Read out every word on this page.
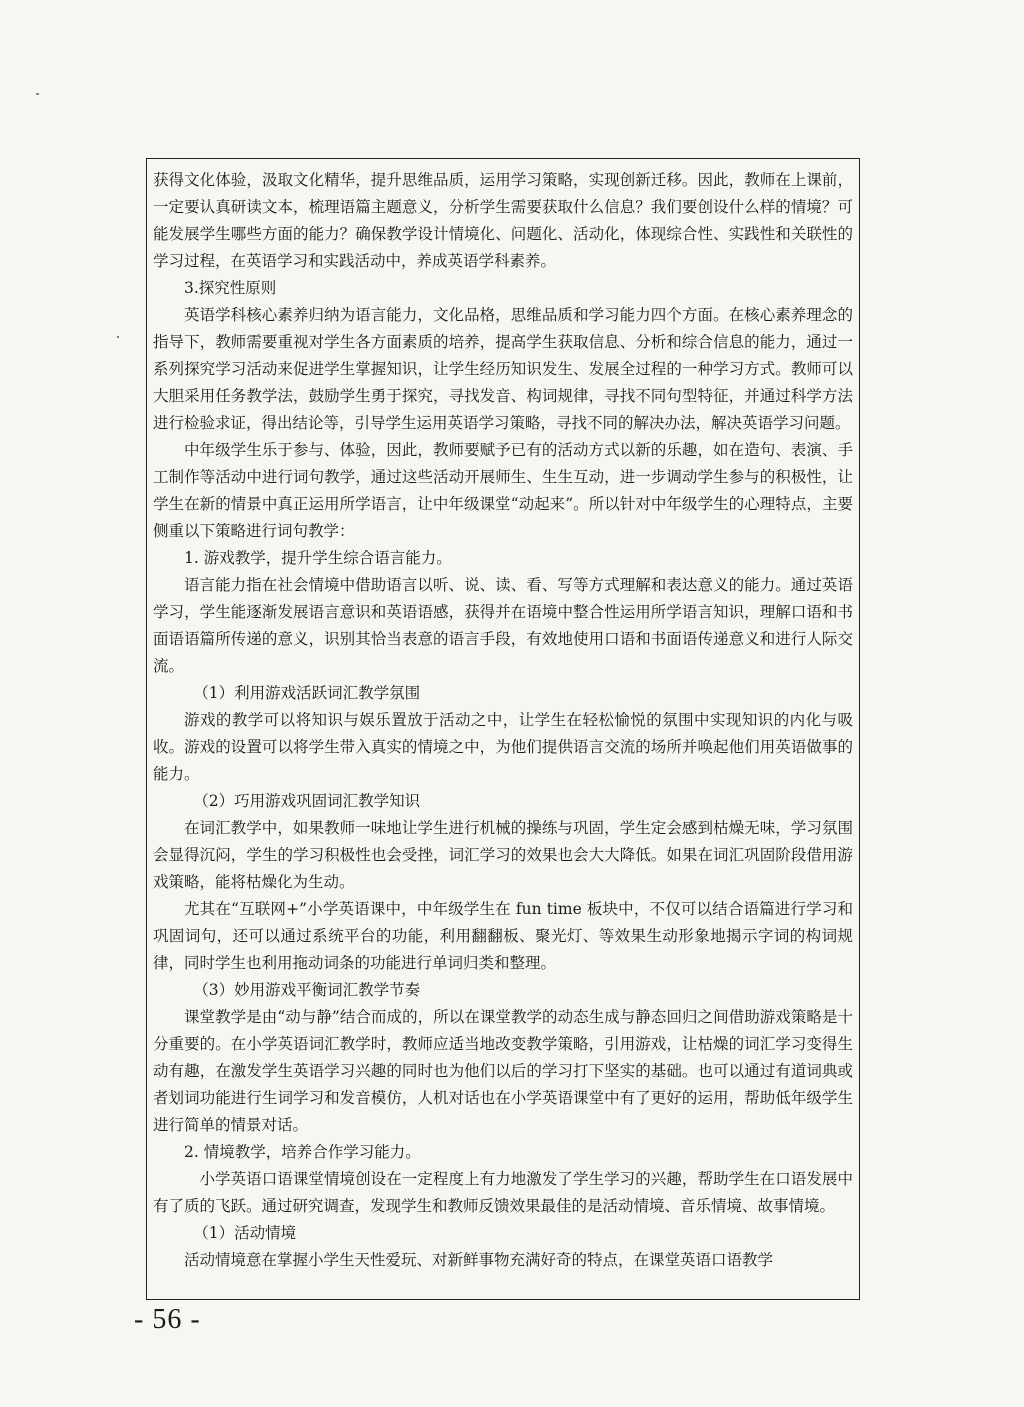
获得文化体验，汲取文化精华，提升思维品质，运用学习策略，实现创新迁移。因此，教师在上课前，一定要认真研读文本，梳理语篇主题意义，分析学生需要获取什么信息？我们要创设什么样的情境？可能发展学生哪些方面的能力？确保教学设计情境化、问题化、活动化，体现综合性、实践性和关联性的学习过程，在英语学习和实践活动中，养成英语学科素养。

3.探究性原则

英语学科核心素养归纳为语言能力，文化品格，思维品质和学习能力四个方面。在核心素养理念的指导下，教师需要重视对学生各方面素质的培养，提高学生获取信息、分析和综合信息的能力，通过一系列探究学习活动来促进学生掌握知识，让学生经历知识发生、发展全过程的一种学习方式。教师可以大胆采用任务教学法，鼓励学生勇于探究，寻找发音、构词规律，寻找不同句型特征，并通过科学方法进行检验求证，得出结论等，引导学生运用英语学习策略，寻找不同的解决办法，解决英语学习问题。

中年级学生乐于参与、体验，因此，教师要赋予已有的活动方式以新的乐趣，如在造句、表演、手工制作等活动中进行词句教学，通过这些活动开展师生、生生互动，进一步调动学生参与的积极性，让学生在新的情景中真正运用所学语言，让中年级课堂“动起来”。所以针对中年级学生的心理特点，主要侧重以下策略进行词句教学：

1. 游戏教学，提升学生综合语言能力。

语言能力指在社会情境中借助语言以听、说、读、看、写等方式理解和表达意义的能力。通过英语学习，学生能逐渐发展语言意识和英语语感，获得并在语境中整合性运用所学语言知识，理解口语和书面语语篇所传递的意义，识别其恰当表意的语言手段，有效地使用口语和书面语传递意义和进行人际交流。

（1）利用游戏活跃词汇教学氛围

游戏的教学可以将知识与娱乐置放于活动之中，让学生在轻松愉悦的氛围中实现知识的内化与吸收。游戏的设置可以将学生带入真实的情境之中，为他们提供语言交流的场所并唤起他们用英语做事的能力。

（2）巧用游戏巩固词汇教学知识

在词汇教学中，如果教师一味地让学生进行机械的操练与巩固，学生定会感到枯燥无味，学习氛围会显得沉闷，学生的学习积极性也会受挫，词汇学习的效果也会大大降低。如果在词汇巩固阶段借用游戏策略，能将枯燥化为生动。

尤其在“互联网+”小学英语课中，中年级学生在 fun time 板块中，不仅可以结合语篇进行学习和巩固词句，还可以通过系统平台的功能，利用翻翻板、聚光灯、等效果生动形象地揭示字词的构词规律，同时学生也利用拖动词条的功能进行单词归类和整理。

（3）妙用游戏平衡词汇教学节奏

课堂教学是由“动与静”结合而成的，所以在课堂教学的动态生成与静态回归之间借助游戏策略是十分重要的。在小学英语词汇教学时，教师应适当地改变教学策略，引用游戏，让枯燥的词汇学习变得生动有趣，在激发学生英语学习兴趣的同时也为他们以后的学习打下坚实的基础。也可以通过有道词典或者划词功能进行生词学习和发音模仿，人机对话也在小学英语课堂中有了更好的运用，帮助低年级学生进行简单的情景对话。

2. 情境教学，培养合作学习能力。

小学英语口语课堂情境创设在一定程度上有力地激发了学生学习的兴趣，帮助学生在口语发展中有了质的飞跃。通过研究调查，发现学生和教师反馈效果最佳的是活动情境、音乐情境、故事情境。

（1）活动情境

活动情境意在掌握小学生天性爱玩、对新鲜事物充满好奇的特点，在课堂英语口语教学

- 56 -
